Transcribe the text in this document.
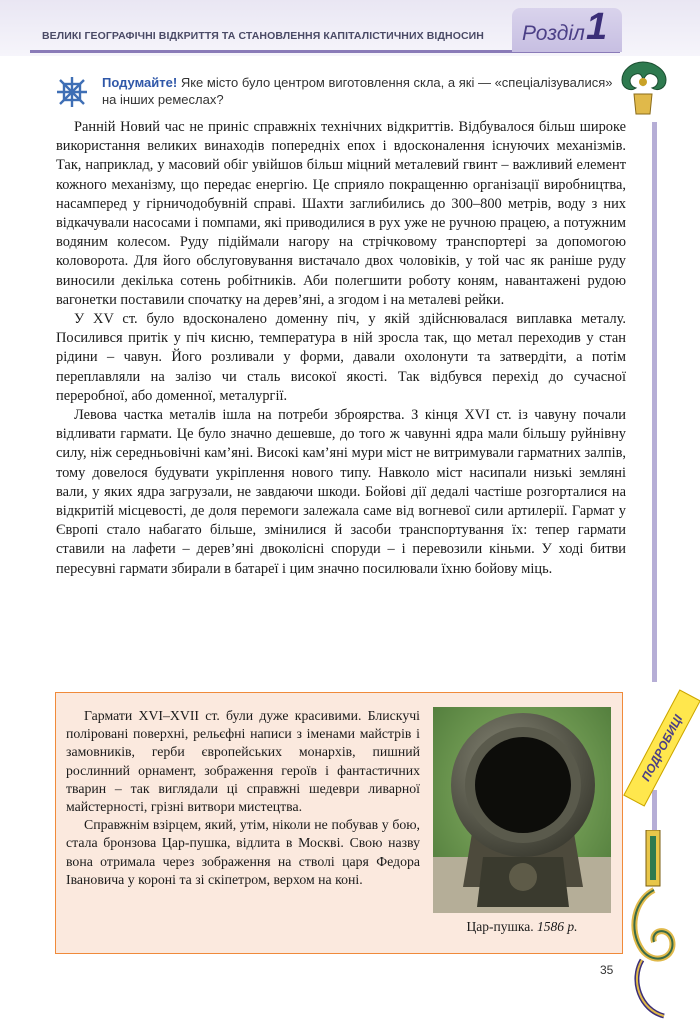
ВЕЛИКІ ГЕОГРАФІЧНІ ВІДКРИТТЯ ТА СТАНОВЛЕННЯ КАПІТАЛІСТИЧНИХ ВІДНОСИН Розділ 1
ПОДРОБИЦІ
Подумайте! Яке місто було центром виготовлення скла, а які — «спеціалізувалися» на інших ремеслах?

Ранній Новий час не приніс справжніх технічних відкриттів. Відбувалося більш широке використання великих винаходів попередніх епох і вдосконалення існуючих механізмів. Так, наприклад, у масовий обіг увійшов більш міцний металевий гвинт – важливий елемент кожного механізму, що передає енергію. Це сприяло покращенню організації виробництва, насамперед у гірничодобувній справі. Шахти заглибились до 300–800 метрів, воду з них відкачували насосами і помпами, які приводилися в рух уже не ручною працею, а потужним водяним колесом. Руду підіймали нагору на стрічковому транспортері за допомогою коловорота. Для його обслуговування вистачало двох чоловіків, у той час як раніше руду виносили декілька сотень робітників. Аби полегшити роботу коням, навантажені рудою вагонетки поставили спочатку на дерев’яні, а згодом і на металеві рейки.

У XV ст. було вдосконалено доменну піч, у якій здійснювалася виплавка металу. Посилився притік у піч кисню, температура в ній зросла так, що метал переходив у стан рідини – чавун. Його розливали у форми, давали охолонути та затвердіти, а потім переплавляли на залізо чи сталь високої якості. Так відбувся перехід до сучасної переробної, або доменної, металургії.

Левова частка металів ішла на потреби зброярства. З кінця XVI ст. із чавуну почали відливати гармати. Це було значно дешевше, до того ж чавунні ядра мали більшу руйнівну силу, ніж середньовічні кам’яні. Високі кам’яні мури міст не витримували гарматних залпів, тому довелося будувати укріплення нового типу. Навколо міст насипали низькі земляні вали, у яких ядра загрузали, не завдаючи шкоди. Бойові дії дедалі частіше розгорталися на відкритій місцевості, де доля перемоги залежала саме від вогневої сили артилерії. Гармат у Європі стало набагато більше, змінилися й засоби транспортування їх: тепер гармати ставили на лафети – дерев’яні двоколісні споруди – і перевозили кіньми. У ході битви пересувні гармати збирали в батареї і цим значно посилювали їхню бойову міць.

Гармати XVI–XVII ст. були дуже красивими. Блискучі поліровані поверхні, рельєфні написи з іменами майстрів і замовників, герби європейських монархів, пишний рослинний орнамент, зображення героїв і фантастичних тварин – так виглядали ці справжні шедеври ливарної майстерності, грізні витвори мистецтва.

Справжнім взірцем, який, утім, ніколи не побував у бою, стала бронзова Цар-пушка, відлита в Москві. Свою назву вона отримала через зображення на стволі царя Федора Івановича у короні та зі скіпетром, верхом на коні.

Цар-пушка. 1586 р.
35
